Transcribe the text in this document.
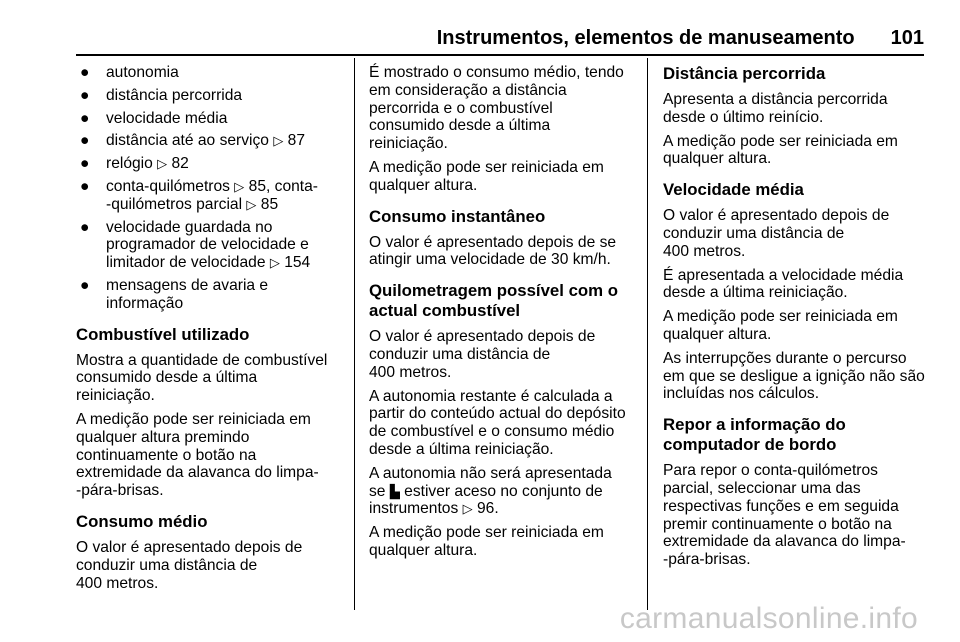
Instrumentos, elementos de manuseamento 101
● autonomia
● distância percorrida
● velocidade média
● distância até ao serviço ▷ 87
● relógio ▷ 82
● conta-quilómetros ▷ 85, conta-
-quilómetros parcial ▷ 85
● velocidade guardada no
programador de velocidade e
limitador de velocidade ▷ 154
● mensagens de avaria e
informação
Combustível utilizado

Mostra a quantidade de combustível
consumido desde a última
reiniciação.

A medição pode ser reiniciada em
qualquer altura premindo
continuamente o botão na
extremidade da alavanca do limpa-
-pára-brisas.

Consumo médio

O valor é apresentado depois de
conduzir uma distância de
400 metros.

É mostrado o consumo médio, tendo
em consideração a distância
percorrida e o combustível
consumido desde a última
reiniciação.

A medição pode ser reiniciada em
qualquer altura.

Consumo instantâneo

O valor é apresentado depois de se
atingir uma velocidade de 30 km/h.

Quilometragem possível com o
actual combustível

O valor é apresentado depois de
conduzir uma distância de
400 metros.

A autonomia restante é calculada a
partir do conteúdo actual do depósito
de combustível e o consumo médio
desde a última reiniciação.

A autonomia não será apresentada
se ▙ estiver aceso no conjunto de
instrumentos ▷ 96.

A medição pode ser reiniciada em
qualquer altura.

Distância percorrida

Apresenta a distância percorrida
desde o último reinício.

A medição pode ser reiniciada em
qualquer altura.

Velocidade média

O valor é apresentado depois de
conduzir uma distância de
400 metros.

É apresentada a velocidade média
desde a última reiniciação.

A medição pode ser reiniciada em
qualquer altura.

As interrupções durante o percurso
em que se desligue a ignição não são
incluídas nos cálculos.

Repor a informação do
computador de bordo

Para repor o conta-quilómetros
parcial, seleccionar uma das
respectivas funções e em seguida
premir continuamente o botão na
extremidade da alavanca do limpa-
-pára-brisas.

carmanualsonline.info
